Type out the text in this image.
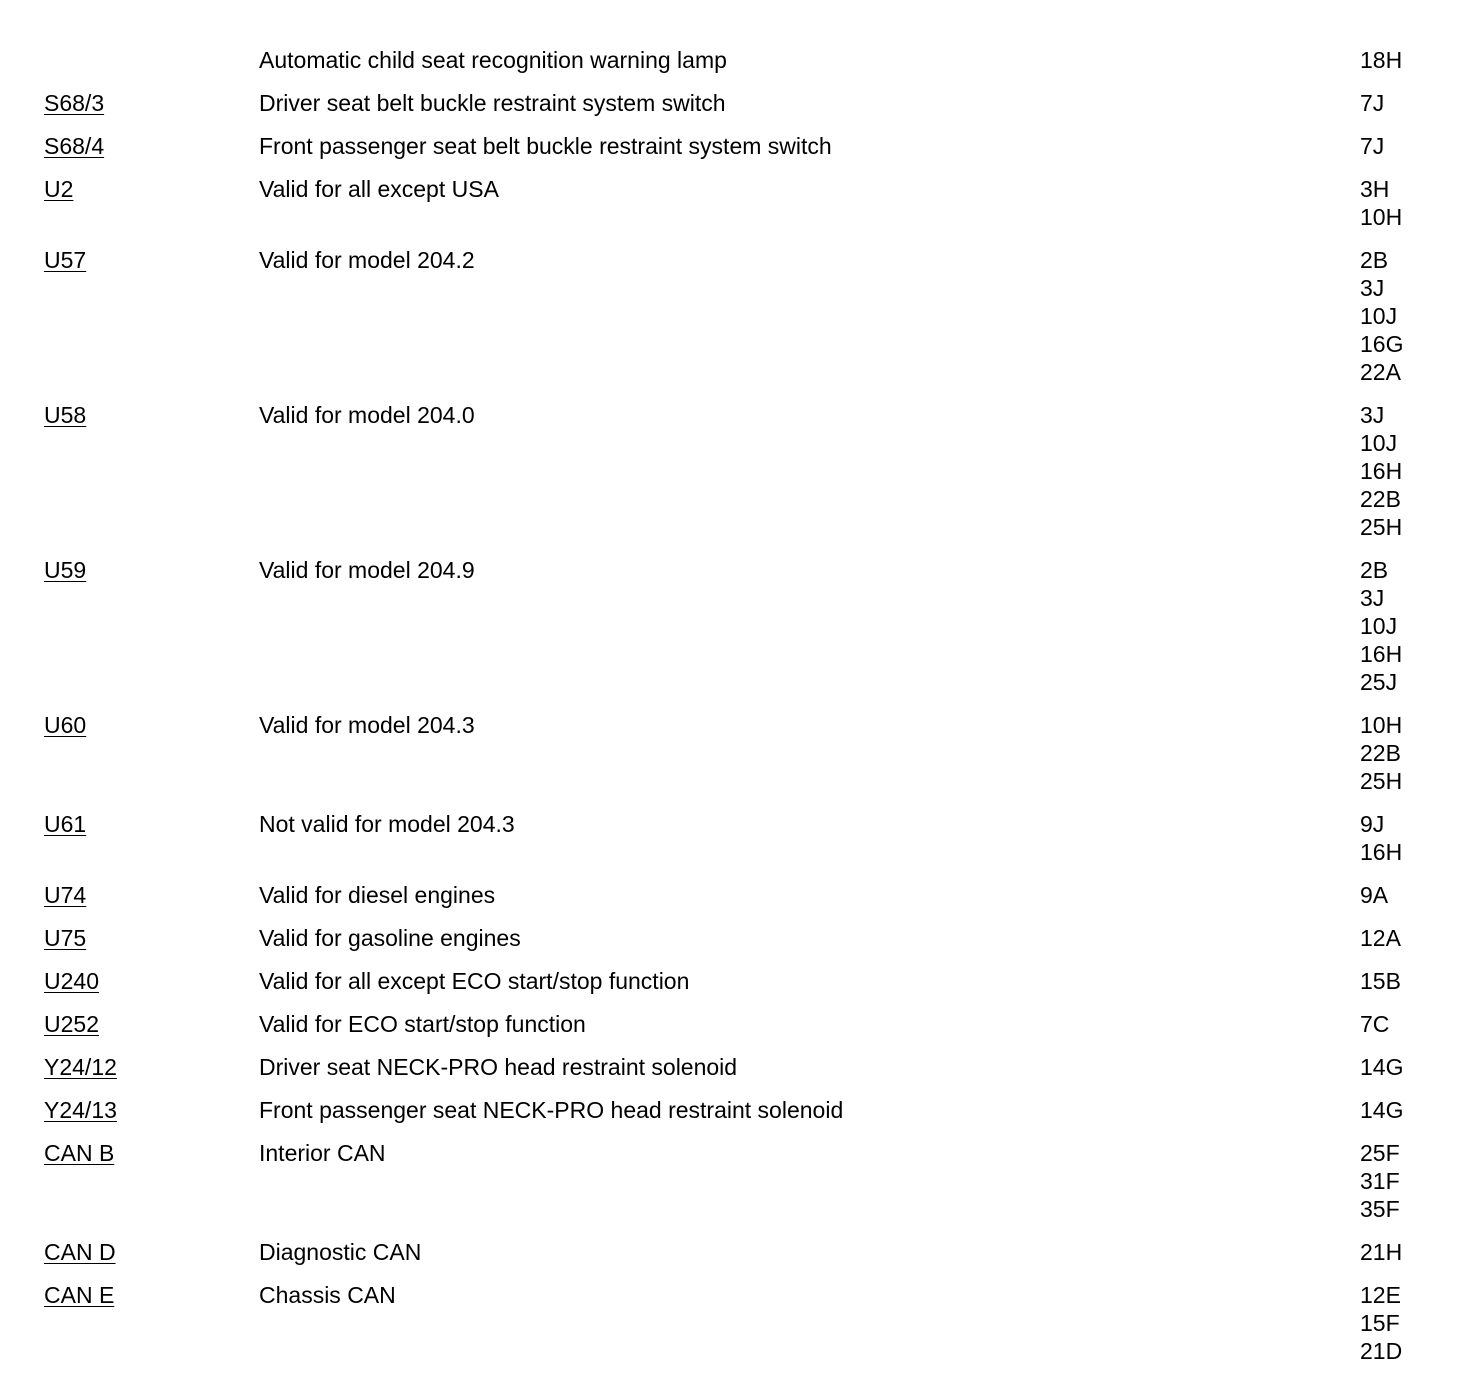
Automatic child seat recognition warning lamp	18H
S68/3	Driver seat belt buckle restraint system switch	7J
S68/4	Front passenger seat belt buckle restraint system switch	7J
U2	Valid for all except USA	3H
10H
U57	Valid for model 204.2	2B
3J
10J
16G
22A
U58	Valid for model 204.0	3J
10J
16H
22B
25H
U59	Valid for model 204.9	2B
3J
10J
16H
25J
U60	Valid for model 204.3	10H
22B
25H
U61	Not valid for model 204.3	9J
16H
U74	Valid for diesel engines	9A
U75	Valid for gasoline engines	12A
U240	Valid for all except ECO start/stop function	15B
U252	Valid for ECO start/stop function	7C
Y24/12	Driver seat NECK-PRO head restraint solenoid	14G
Y24/13	Front passenger seat NECK-PRO head restraint solenoid	14G
CAN B	Interior CAN	25F
31F
35F
CAN D	Diagnostic CAN	21H
CAN E	Chassis CAN	12E
15F
21D
